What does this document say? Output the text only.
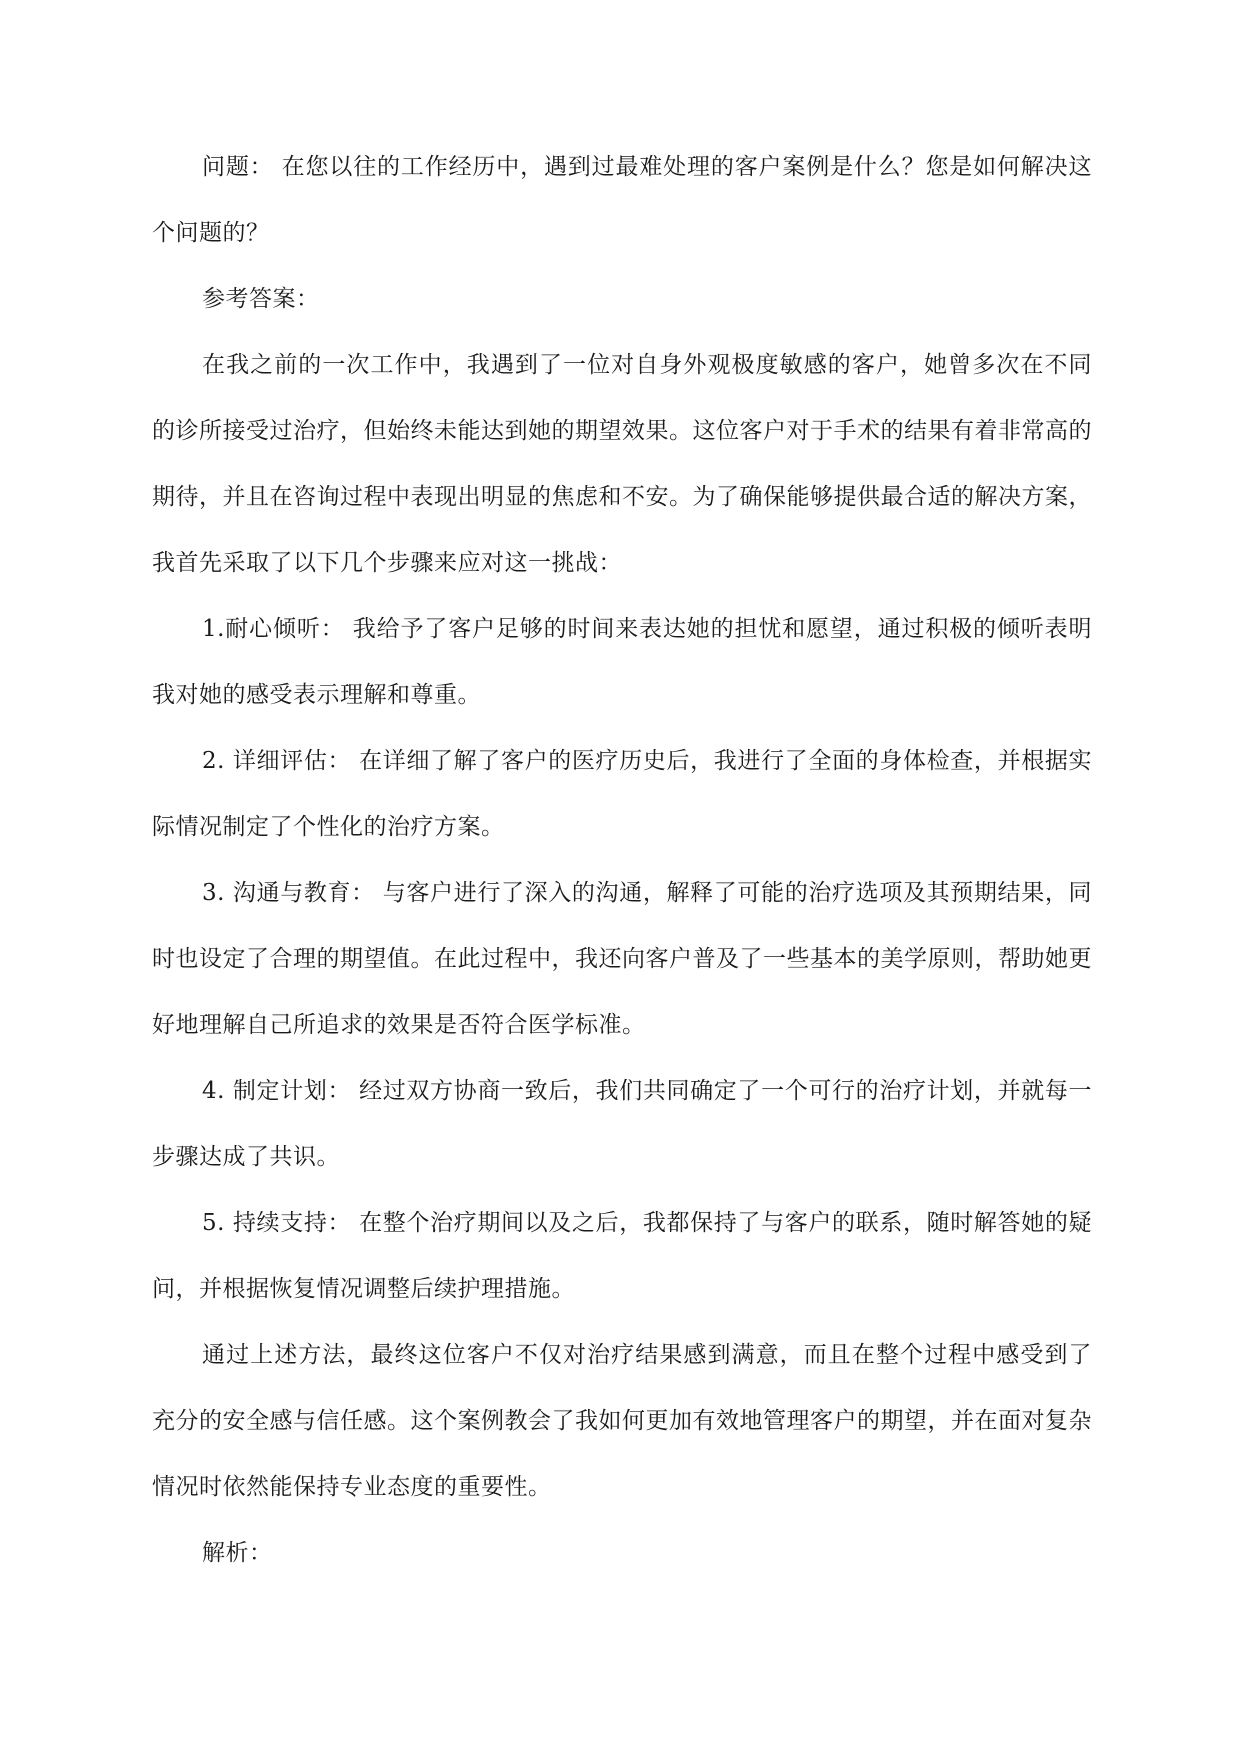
问题： 在您以往的工作经历中，遇到过最难处理的客户案例是什么？您是如何解决这个问题的？

参考答案：

在我之前的一次工作中，我遇到了一位对自身外观极度敏感的客户，她曾多次在不同的诊所接受过治疗，但始终未能达到她的期望效果。这位客户对于手术的结果有着非常高的期待，并且在咨询过程中表现出明显的焦虑和不安。为了确保能够提供最合适的解决方案，我首先采取了以下几个步骤来应对这一挑战：

1.耐心倾听： 我给予了客户足够的时间来表达她的担忧和愿望，通过积极的倾听表明我对她的感受表示理解和尊重。

2. 详细评估： 在详细了解了客户的医疗历史后，我进行了全面的身体检查，并根据实际情况制定了个性化的治疗方案。

3. 沟通与教育： 与客户进行了深入的沟通，解释了可能的治疗选项及其预期结果，同时也设定了合理的期望值。在此过程中，我还向客户普及了一些基本的美学原则，帮助她更好地理解自己所追求的效果是否符合医学标准。

4. 制定计划： 经过双方协商一致后，我们共同确定了一个可行的治疗计划，并就每一步骤达成了共识。

5. 持续支持： 在整个治疗期间以及之后，我都保持了与客户的联系，随时解答她的疑问，并根据恢复情况调整后续护理措施。

通过上述方法，最终这位客户不仅对治疗结果感到满意，而且在整个过程中感受到了充分的安全感与信任感。这个案例教会了我如何更加有效地管理客户的期望，并在面对复杂情况时依然能保持专业态度的重要性。

解析：
